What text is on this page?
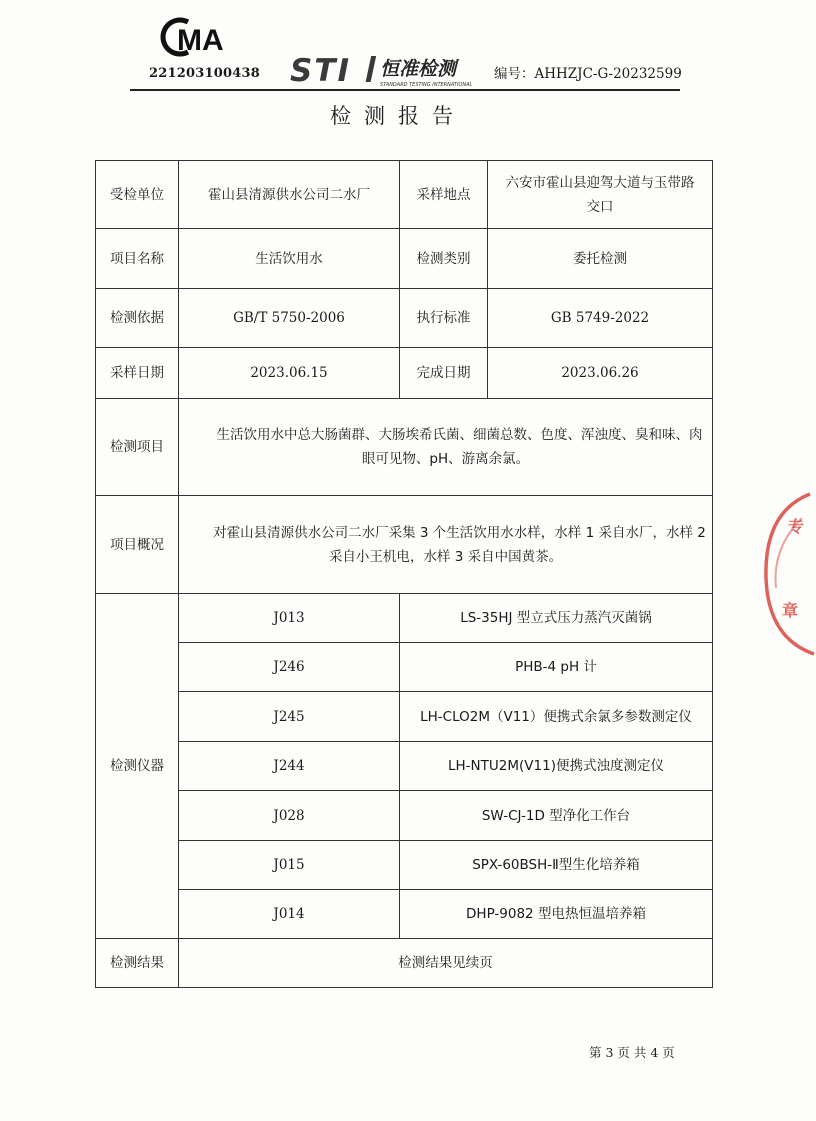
MA
221203100438 STI 恒准检测
STANDARD TESTING INTERNATIONAL
编号：AHHZJC-G-20232599
检测报告
受检单位	霍山县清源供水公司二水厂	采样地点	六安市霍山县迎驾大道与玉带路
交口

项目名称	生活饮用水	检测类别	委托检测
检测依据	GB/T 5750-2006	执行标准	GB 5749-2022
采样日期	2023.06.15	完成日期	2023.06.26
检测项目	生活饮用水中总大肠菌群、大肠埃希氏菌、细菌总数、色度、浑浊度、臭和味、肉眼可见物、pH、游离余氯。		

项目概况	对霍山县清源供水公司二水厂采集 3 个生活饮用水水样，水样 1 采自水厂，水样 2 采自小王机电，水样 3 采自中国黄茶。		

检测仪器	J013	LS-35HJ 型立式压力蒸汽灭菌锅	
	J246	PHB-4 pH 计	
	J245	LH-CLO2M（V11）便携式余氯多参数测定仪	
	J244	LH-NTU2M(V11)便携式浊度测定仪	
	J028	SW-CJ-1D 型净化工作台	
	J015	SPX-60BSH-Ⅱ型生化培养箱	
	J014	DHP-9082 型电热恒温培养箱	
检测结果	检测结果见续页		
专
章
第 3 页 共 4 页
